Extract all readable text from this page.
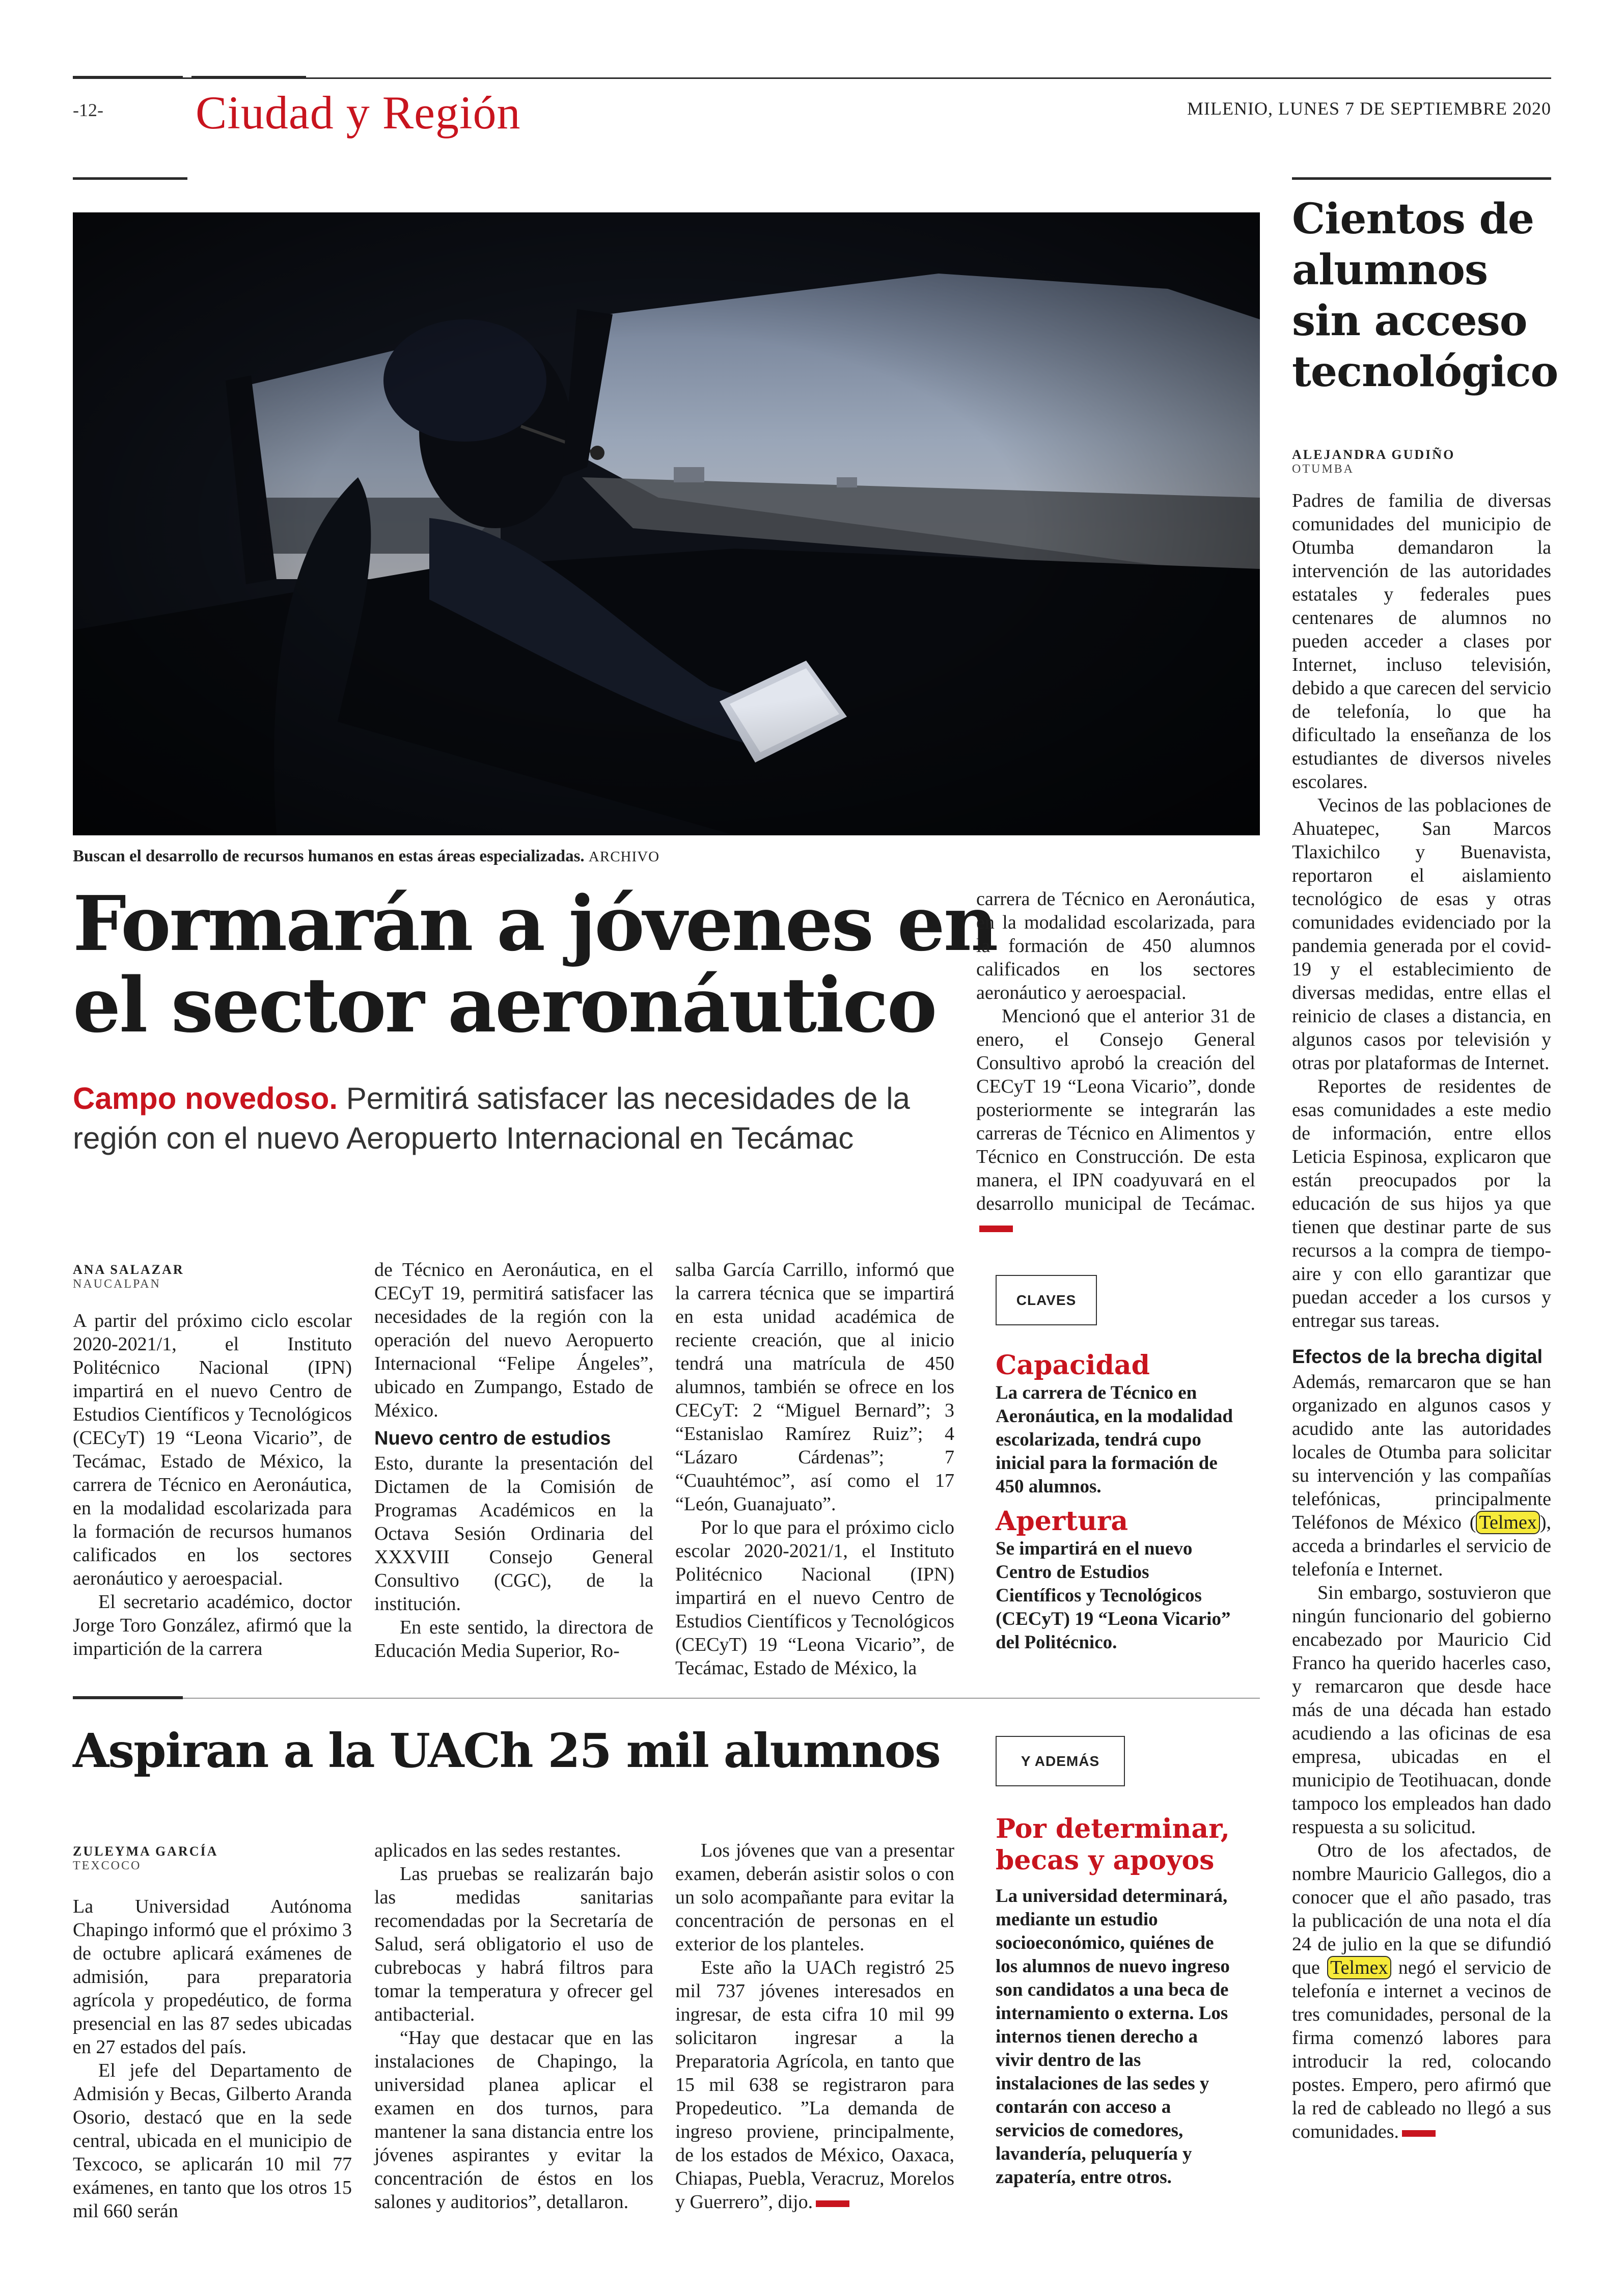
-12- Ciudad y Región	MILENIO, LUNES 7 DE SEPTIEMBRE 2020
Buscan el desarrollo de recursos humanos en estas áreas especializadas. ARCHIVO
Formarán a jóvenes en
el sector aeronáutico
Campo novedoso. Permitirá satisfacer las necesidades de la región con el nuevo Aeropuerto Internacional en Tecámac
ANA SALAZAR
NAUCALPAN

A partir del próximo ciclo escolar 2020-2021/1, el Instituto Politécnico Nacional (IPN) impartirá en el nuevo Centro de Estudios Científicos y Tecnológicos (CECyT) 19 “Leona Vicario”, de Tecámac, Estado de México, la carrera de Técnico en Aeronáutica, en la modalidad escolarizada para la formación de recursos humanos calificados en los sectores aeronáutico y aeroespacial.

El secretario académico, doctor Jorge Toro González, afirmó que la impartición de la carrera

de Técnico en Aeronáutica, en el CECyT 19, permitirá satisfacer las necesidades de la región con la operación del nuevo Aeropuerto Internacional “Felipe Ángeles”, ubicado en Zumpango, Estado de México.

Nuevo centro de estudios

Esto, durante la presentación del Dictamen de la Comisión de Programas Académicos en la Octava Sesión Ordinaria del XXXVIII Consejo General Consultivo (CGC), de la institución.

En este sentido, la directora de Educación Media Superior, Ro-

salba García Carrillo, informó que la carrera técnica que se impartirá en esta unidad académica de reciente creación, que al inicio tendrá una matrícula de 450 alumnos, también se ofrece en los CECyT: 2 “Miguel Bernard”; 3 “Estanislao Ramírez Ruiz”; 4 “Lázaro Cárdenas”; 7 “Cuauhtémoc”, así como el 17 “León, Guanajuato”.

Por lo que para el próximo ciclo escolar 2020-2021/1, el Instituto Politécnico Nacional (IPN) impartirá en el nuevo Centro de Estudios Científicos y Tecnológicos (CECyT) 19 “Leona Vicario”, de Tecámac, Estado de México, la

carrera de Técnico en Aeronáutica, en la modalidad escolarizada, para la formación de 450 alumnos calificados en los sectores aeronáutico y aeroespacial.

Mencionó que el anterior 31 de enero, el Consejo General Consultivo aprobó la creación del CECyT 19 “Leona Vicario”, donde posteriormente se integrarán las carreras de Técnico en Alimentos y Técnico en Construcción. De esta manera, el IPN coadyuvará en el desarrollo municipal de Tecámac.

CLAVES
Capacidad
La carrera de Técnico en Aeronáutica, en la modalidad escolarizada, tendrá cupo inicial para la formación de 450 alumnos.
Apertura
Se impartirá en el nuevo Centro de Estudios Científicos y Tecnológicos (CECyT) 19 “Leona Vicario” del Politécnico.
Aspiran a la UACh 25 mil alumnos
ZULEYMA GARCÍA
TEXCOCO

La Universidad Autónoma Chapingo informó que el próximo 3 de octubre aplicará exámenes de admisión, para preparatoria agrícola y propedéutico, de forma presencial en las 87 sedes ubicadas en 27 estados del país.

El jefe del Departamento de Admisión y Becas, Gilberto Aranda Osorio, destacó que en la sede central, ubicada en el municipio de Texcoco, se aplicarán 10 mil 77 exámenes, en tanto que los otros 15 mil 660 serán

aplicados en las sedes restantes.

Las pruebas se realizarán bajo las medidas sanitarias recomendadas por la Secretaría de Salud, será obligatorio el uso de cubrebocas y habrá filtros para tomar la temperatura y ofrecer gel antibacterial.

“Hay que destacar que en las instalaciones de Chapingo, la universidad planea aplicar el examen en dos turnos, para mantener la sana distancia entre los jóvenes aspirantes y evitar la concentración de éstos en los salones y auditorios”, detallaron.

Los jóvenes que van a presentar examen, deberán asistir solos o con un solo acompañante para evitar la concentración de personas en el exterior de los planteles.

Este año la UACh registró 25 mil 737 jóvenes interesados en ingresar, de esta cifra 10 mil 99 solicitaron ingresar a la Preparatoria Agrícola, en tanto que 15 mil 638 se registraron para Propedeutico. ”La demanda de ingreso proviene, principalmente, de los estados de México, Oaxaca, Chiapas, Puebla, Veracruz, Morelos y Guerrero”, dijo.

Y ADEMÁS
Por determinar, becas y apoyos
La universidad determinará, mediante un estudio socioeconómico, quiénes de los alumnos de nuevo ingreso son candidatos a una beca de internamiento o externa. Los internos tienen derecho a vivir dentro de las instalaciones de las sedes y contarán con acceso a servicios de comedores, lavandería, peluquería y zapatería, entre otros.
Cientos de alumnos sin acceso tecnológico
ALEJANDRA GUDIÑO
OTUMBA

Padres de familia de diversas comunidades del municipio de Otumba demandaron la intervención de las autoridades estatales y federales pues centenares de alumnos no pueden acceder a clases por Internet, incluso televisión, debido a que carecen del servicio de telefonía, lo que ha dificultado la enseñanza de los estudiantes de diversos niveles escolares.

Vecinos de las poblaciones de Ahuatepec, San Marcos Tlaxichilco y Buenavista, reportaron el aislamiento tecnológico de esas y otras comunidades evidenciado por la pandemia generada por el covid-19 y el establecimiento de diversas medidas, entre ellas el reinicio de clases a distancia, en algunos casos por televisión y otras por plataformas de Internet.

Reportes de residentes de esas comunidades a este medio de información, entre ellos Leticia Espinosa, explicaron que están preocupados por la educación de sus hijos ya que tienen que destinar parte de sus recursos a la compra de tiempo-aire y con ello garantizar que puedan acceder a los cursos y entregar sus tareas.

Efectos de la brecha digital

Además, remarcaron que se han organizado en algunos casos y acudido ante las autoridades locales de Otumba para solicitar su intervención y las compañías telefónicas, principalmente Teléfonos de México ( Telmex ), acceda a brindarles el servicio de telefonía e Internet.

Sin embargo, sostuvieron que ningún funcionario del gobierno encabezado por Mauricio Cid Franco ha querido hacerles caso, y remarcaron que desde hace más de una década han estado acudiendo a las oficinas de esa empresa, ubicadas en el municipio de Teotihuacan, donde tampoco los empleados han dado respuesta a su solicitud.

Otro de los afectados, de nombre Mauricio Gallegos, dio a conocer que el año pasado, tras la publicación de una nota el día 24 de julio en la que se difundió que Telmex negó el servicio de telefonía e internet a vecinos de tres comunidades, personal de la firma comenzó labores para introducir la red, colocando postes. Empero, pero afirmó que la red de cableado no llegó a sus comunidades.
